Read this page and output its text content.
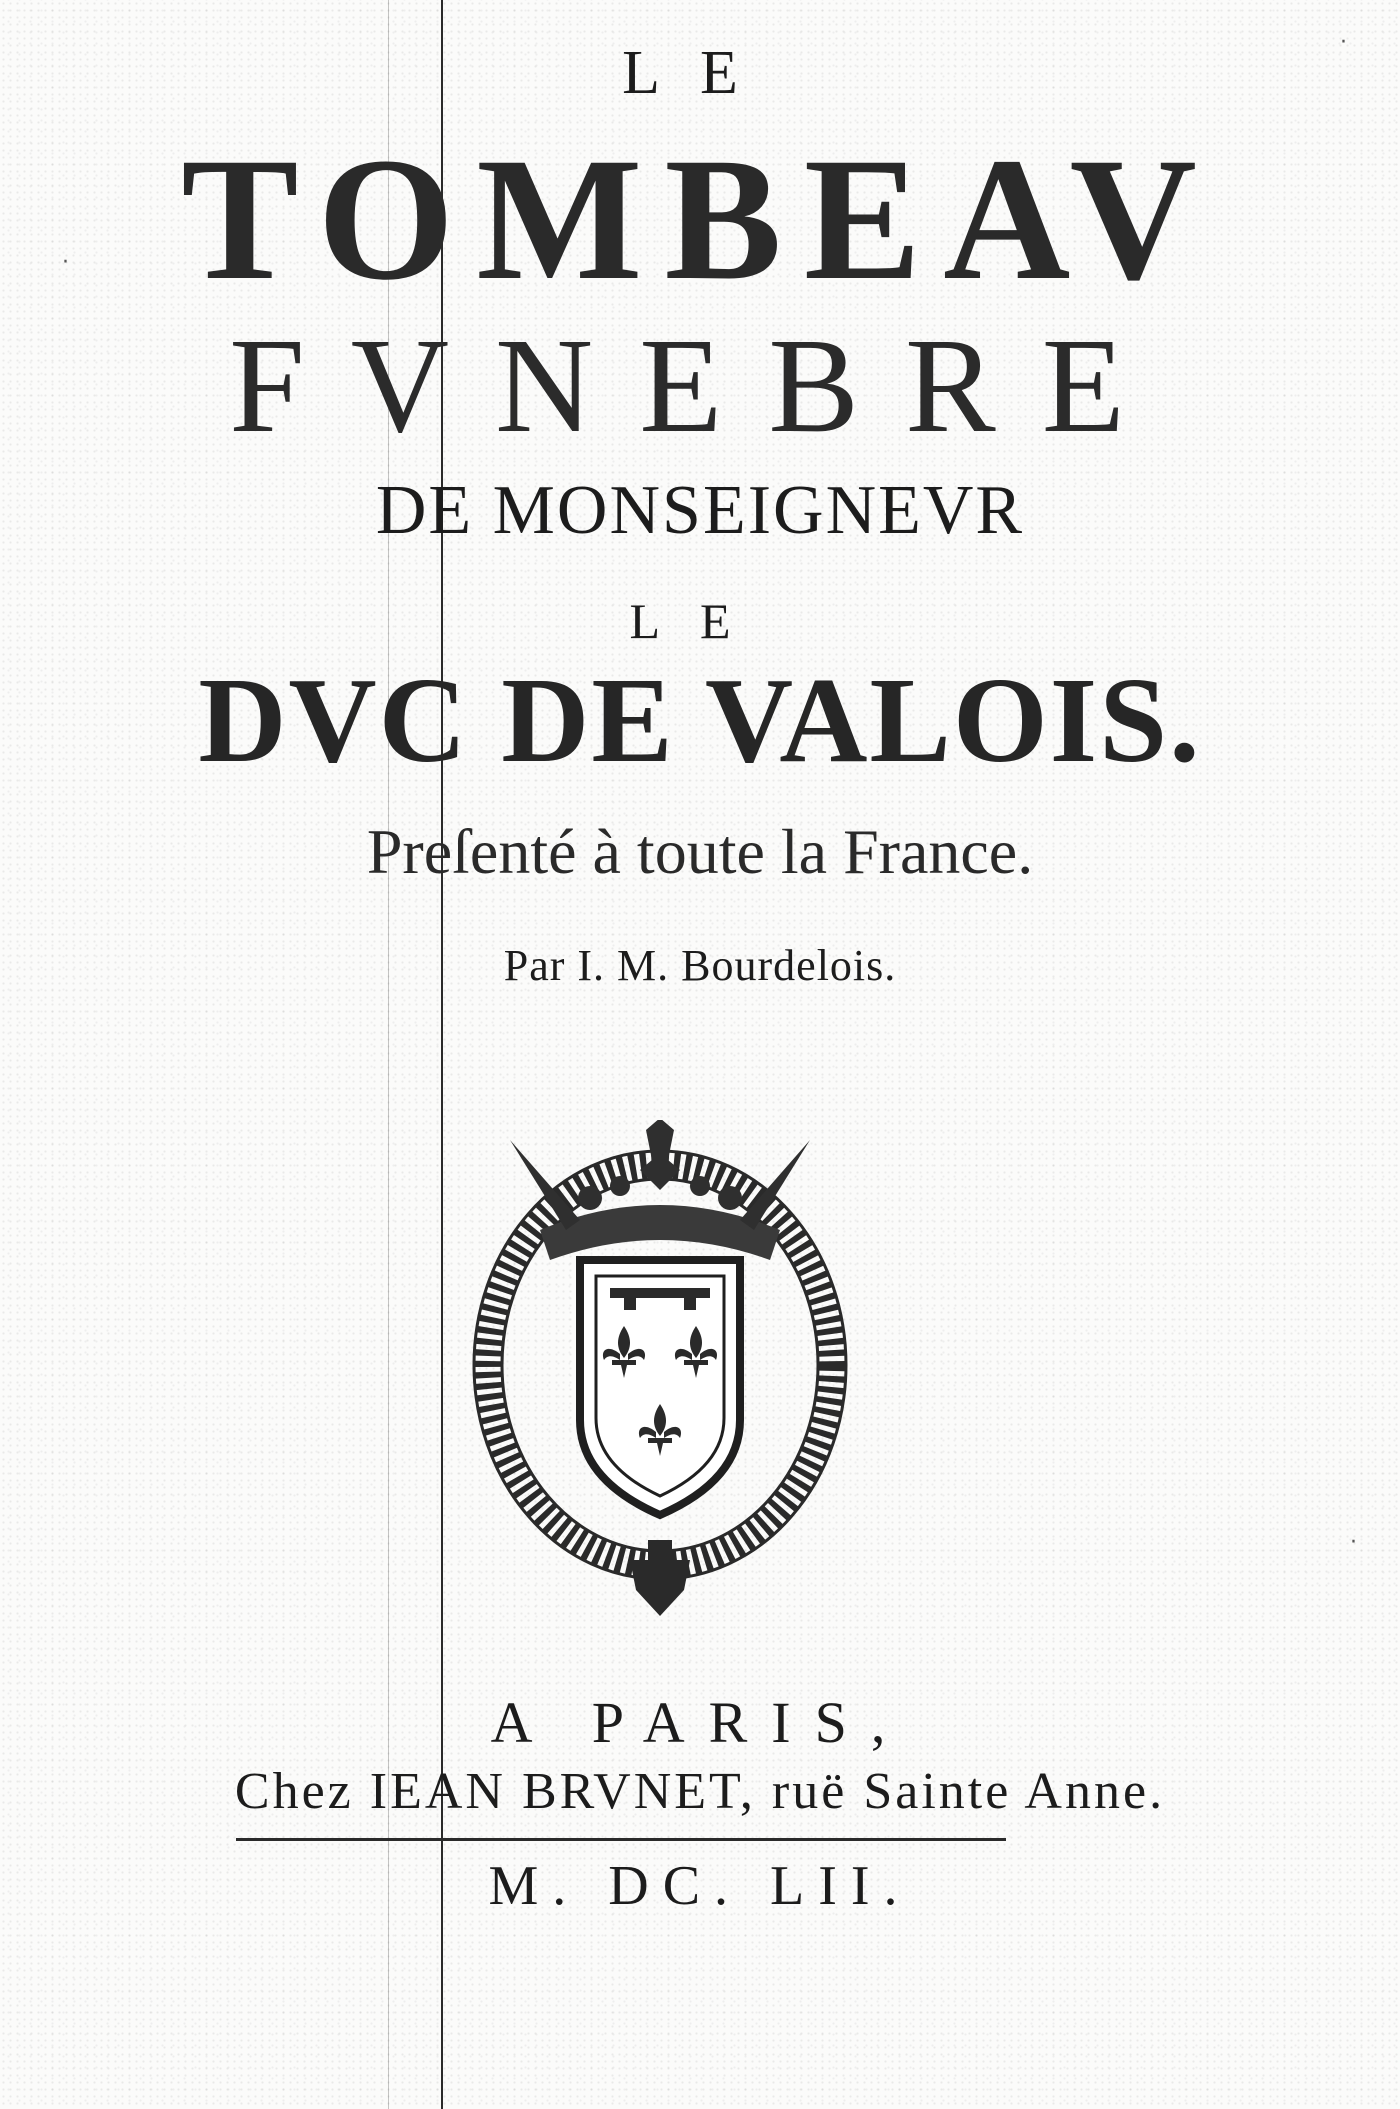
LE
TOMBEAV
FVNEBRE
DE MONSEIGNEVR
LE
DVC DE VALOIS.
Preſenté à toute la France.
Par I. M. Bourdelois.
A PARIS,
Chez IEAN BRVNET, ruë Sainte Anne.
M. DC. LII.
·
·
·
